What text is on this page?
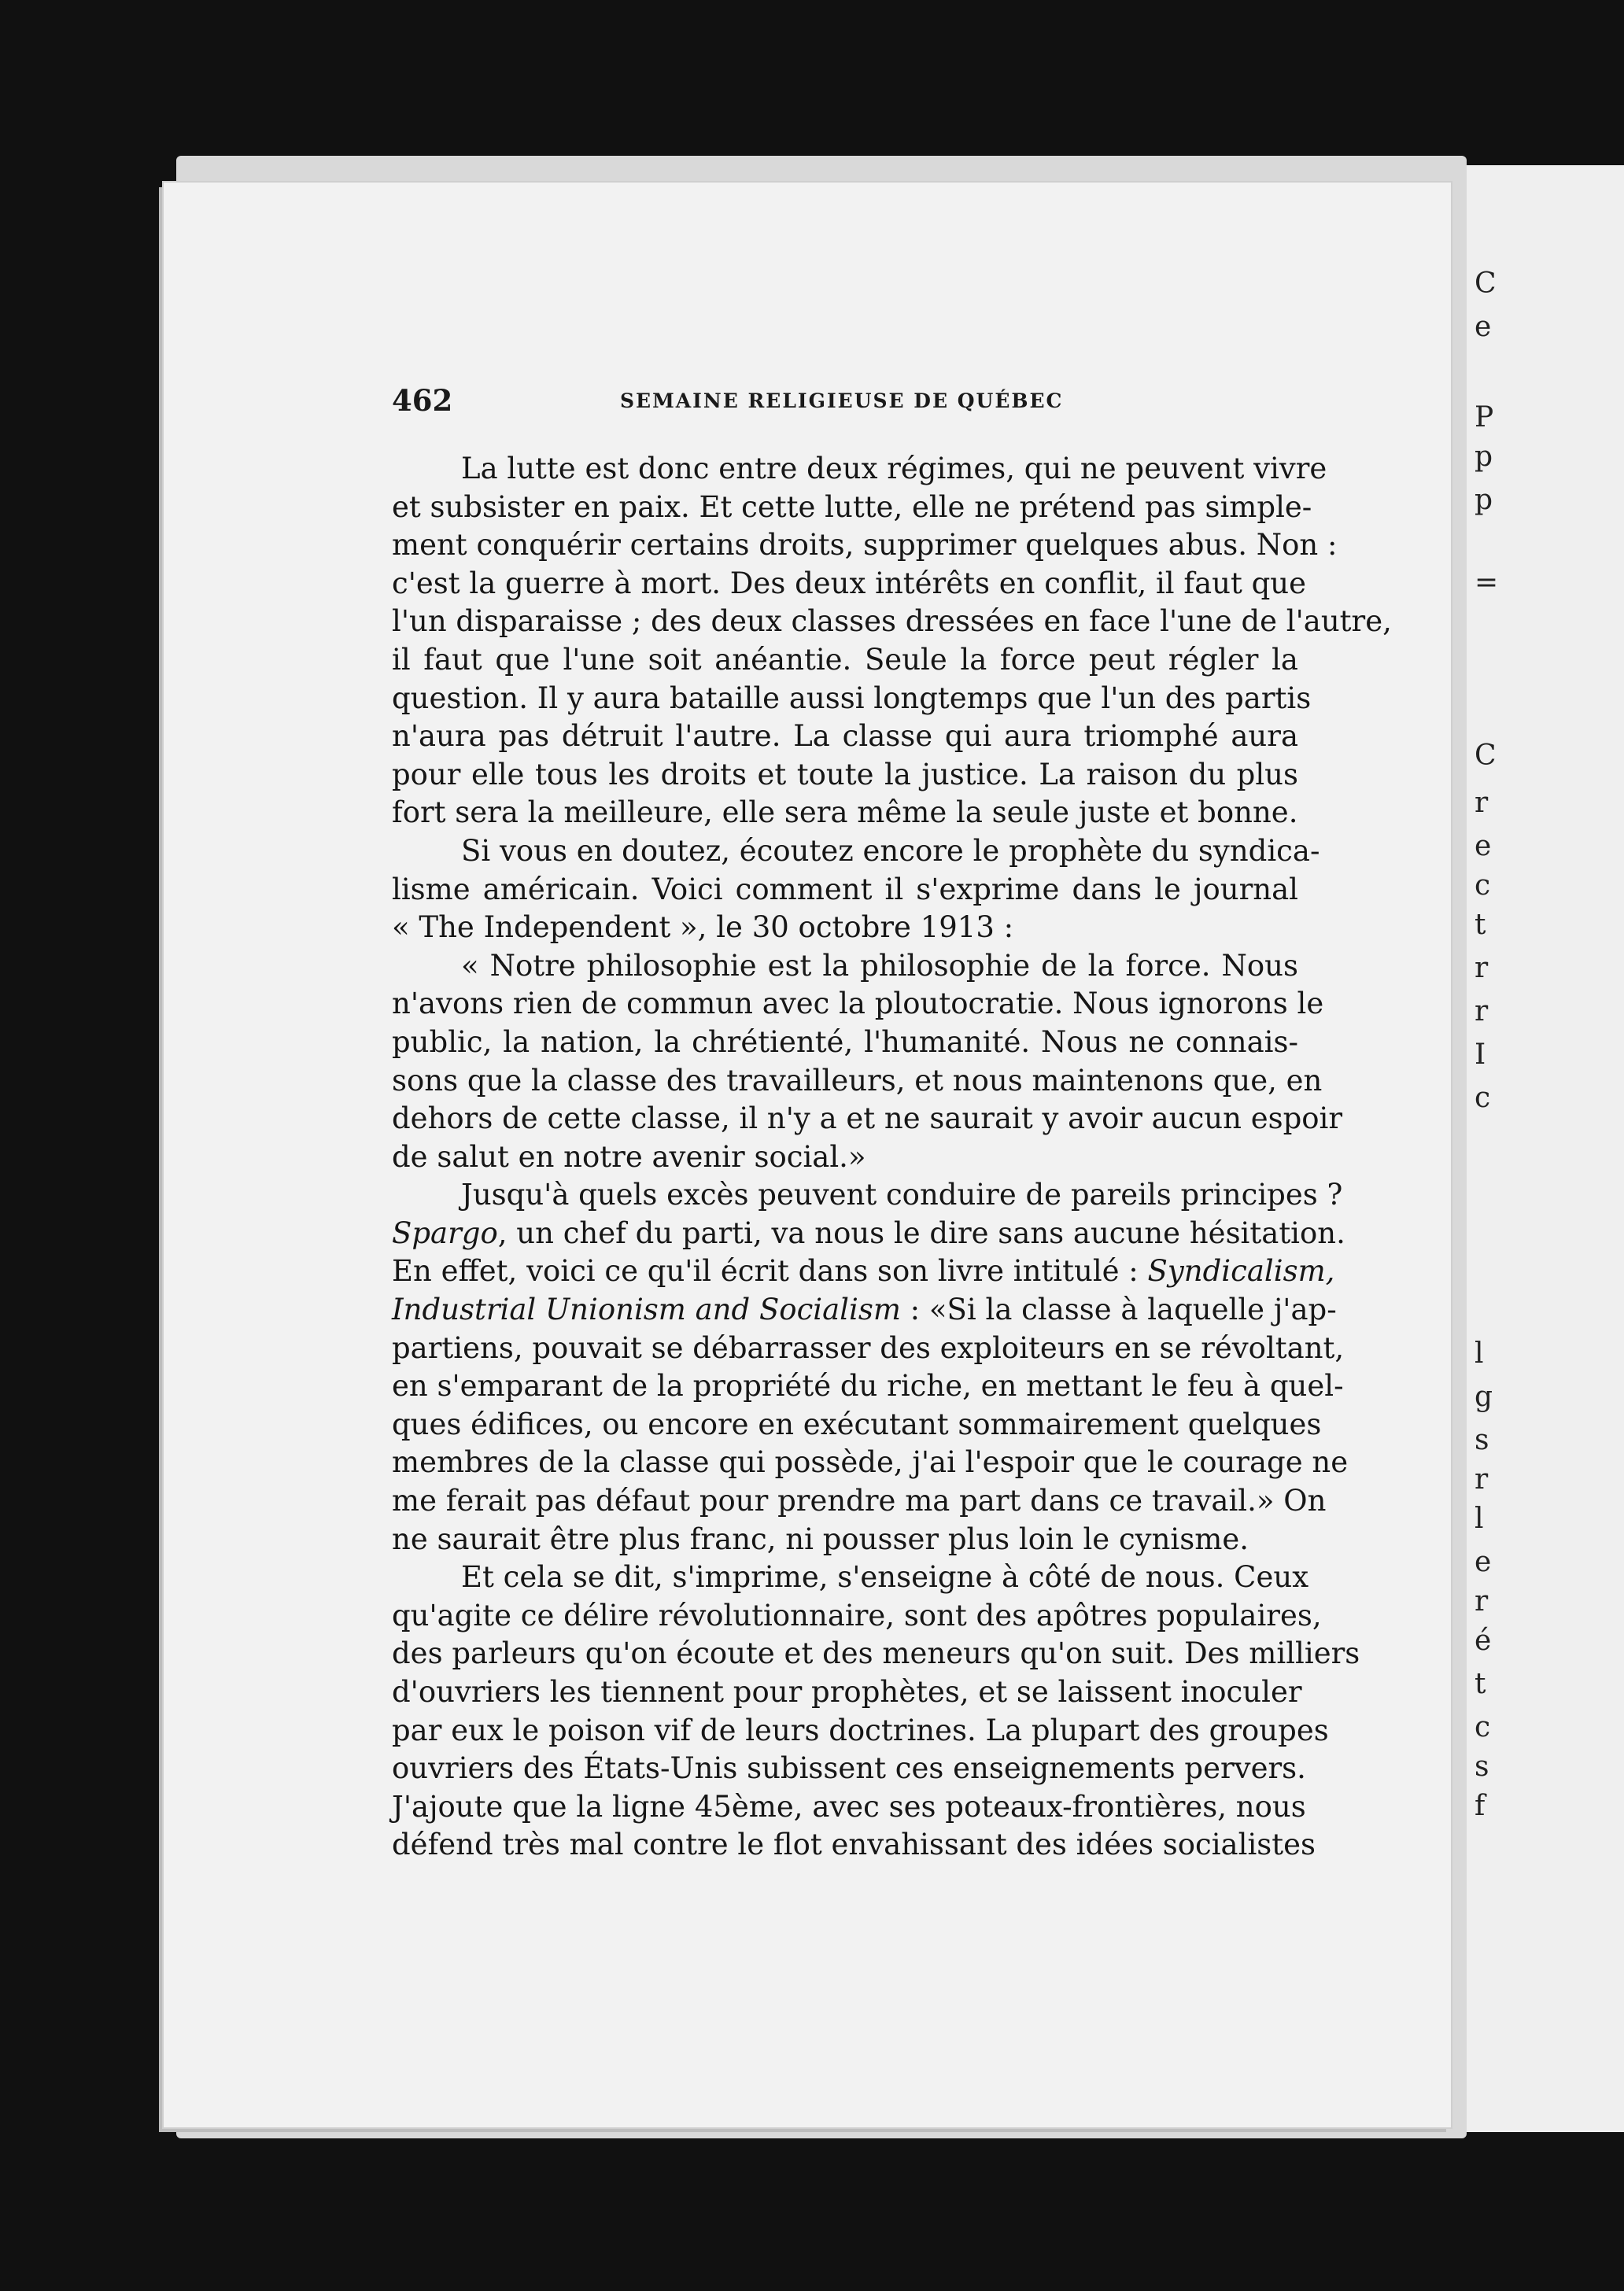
C
e
P
p
p
=
C
r
e
c
t
r
r
I
c
l
g
s
r
l
e
r
é
t
c
s
f
462	SEMAINE RELIGIEUSE DE QUÉBEC
La lutte est donc entre deux régimes, qui ne peuvent vivre
et subsister en paix. Et cette lutte, elle ne prétend pas simple-
ment conquérir certains droits, supprimer quelques abus. Non :
c'est la guerre à mort. Des deux intérêts en conflit, il faut que
l'un disparaisse ; des deux classes dressées en face l'une de l'autre,
il faut que l'une soit anéantie. Seule la force peut régler la
question. Il y aura bataille aussi longtemps que l'un des partis
n'aura pas détruit l'autre. La classe qui aura triomphé aura
pour elle tous les droits et toute la justice. La raison du plus
fort sera la meilleure, elle sera même la seule juste et bonne.
Si vous en doutez, écoutez encore le prophète du syndica-
lisme américain. Voici comment il s'exprime dans le journal
« The Independent », le 30 octobre 1913 :
« Notre philosophie est la philosophie de la force. Nous
n'avons rien de commun avec la ploutocratie. Nous ignorons le
public, la nation, la chrétienté, l'humanité. Nous ne connais-
sons que la classe des travailleurs, et nous maintenons que, en
dehors de cette classe, il n'y a et ne saurait y avoir aucun espoir
de salut en notre avenir social.»
Jusqu'à quels excès peuvent conduire de pareils principes ?
Spargo, un chef du parti, va nous le dire sans aucune hésitation.
En effet, voici ce qu'il écrit dans son livre intitulé : Syndicalism,
Industrial Unionism and Socialism : «Si la classe à laquelle j'ap-
partiens, pouvait se débarrasser des exploiteurs en se révoltant,
en s'emparant de la propriété du riche, en mettant le feu à quel-
ques édifices, ou encore en exécutant sommairement quelques
membres de la classe qui possède, j'ai l'espoir que le courage ne
me ferait pas défaut pour prendre ma part dans ce travail.» On
ne saurait être plus franc, ni pousser plus loin le cynisme.
Et cela se dit, s'imprime, s'enseigne à côté de nous. Ceux
qu'agite ce délire révolutionnaire, sont des apôtres populaires,
des parleurs qu'on écoute et des meneurs qu'on suit. Des milliers
d'ouvriers les tiennent pour prophètes, et se laissent inoculer
par eux le poison vif de leurs doctrines. La plupart des groupes
ouvriers des États-Unis subissent ces enseignements pervers.
J'ajoute que la ligne 45ème, avec ses poteaux-frontières, nous
défend très mal contre le flot envahissant des idées socialistes
